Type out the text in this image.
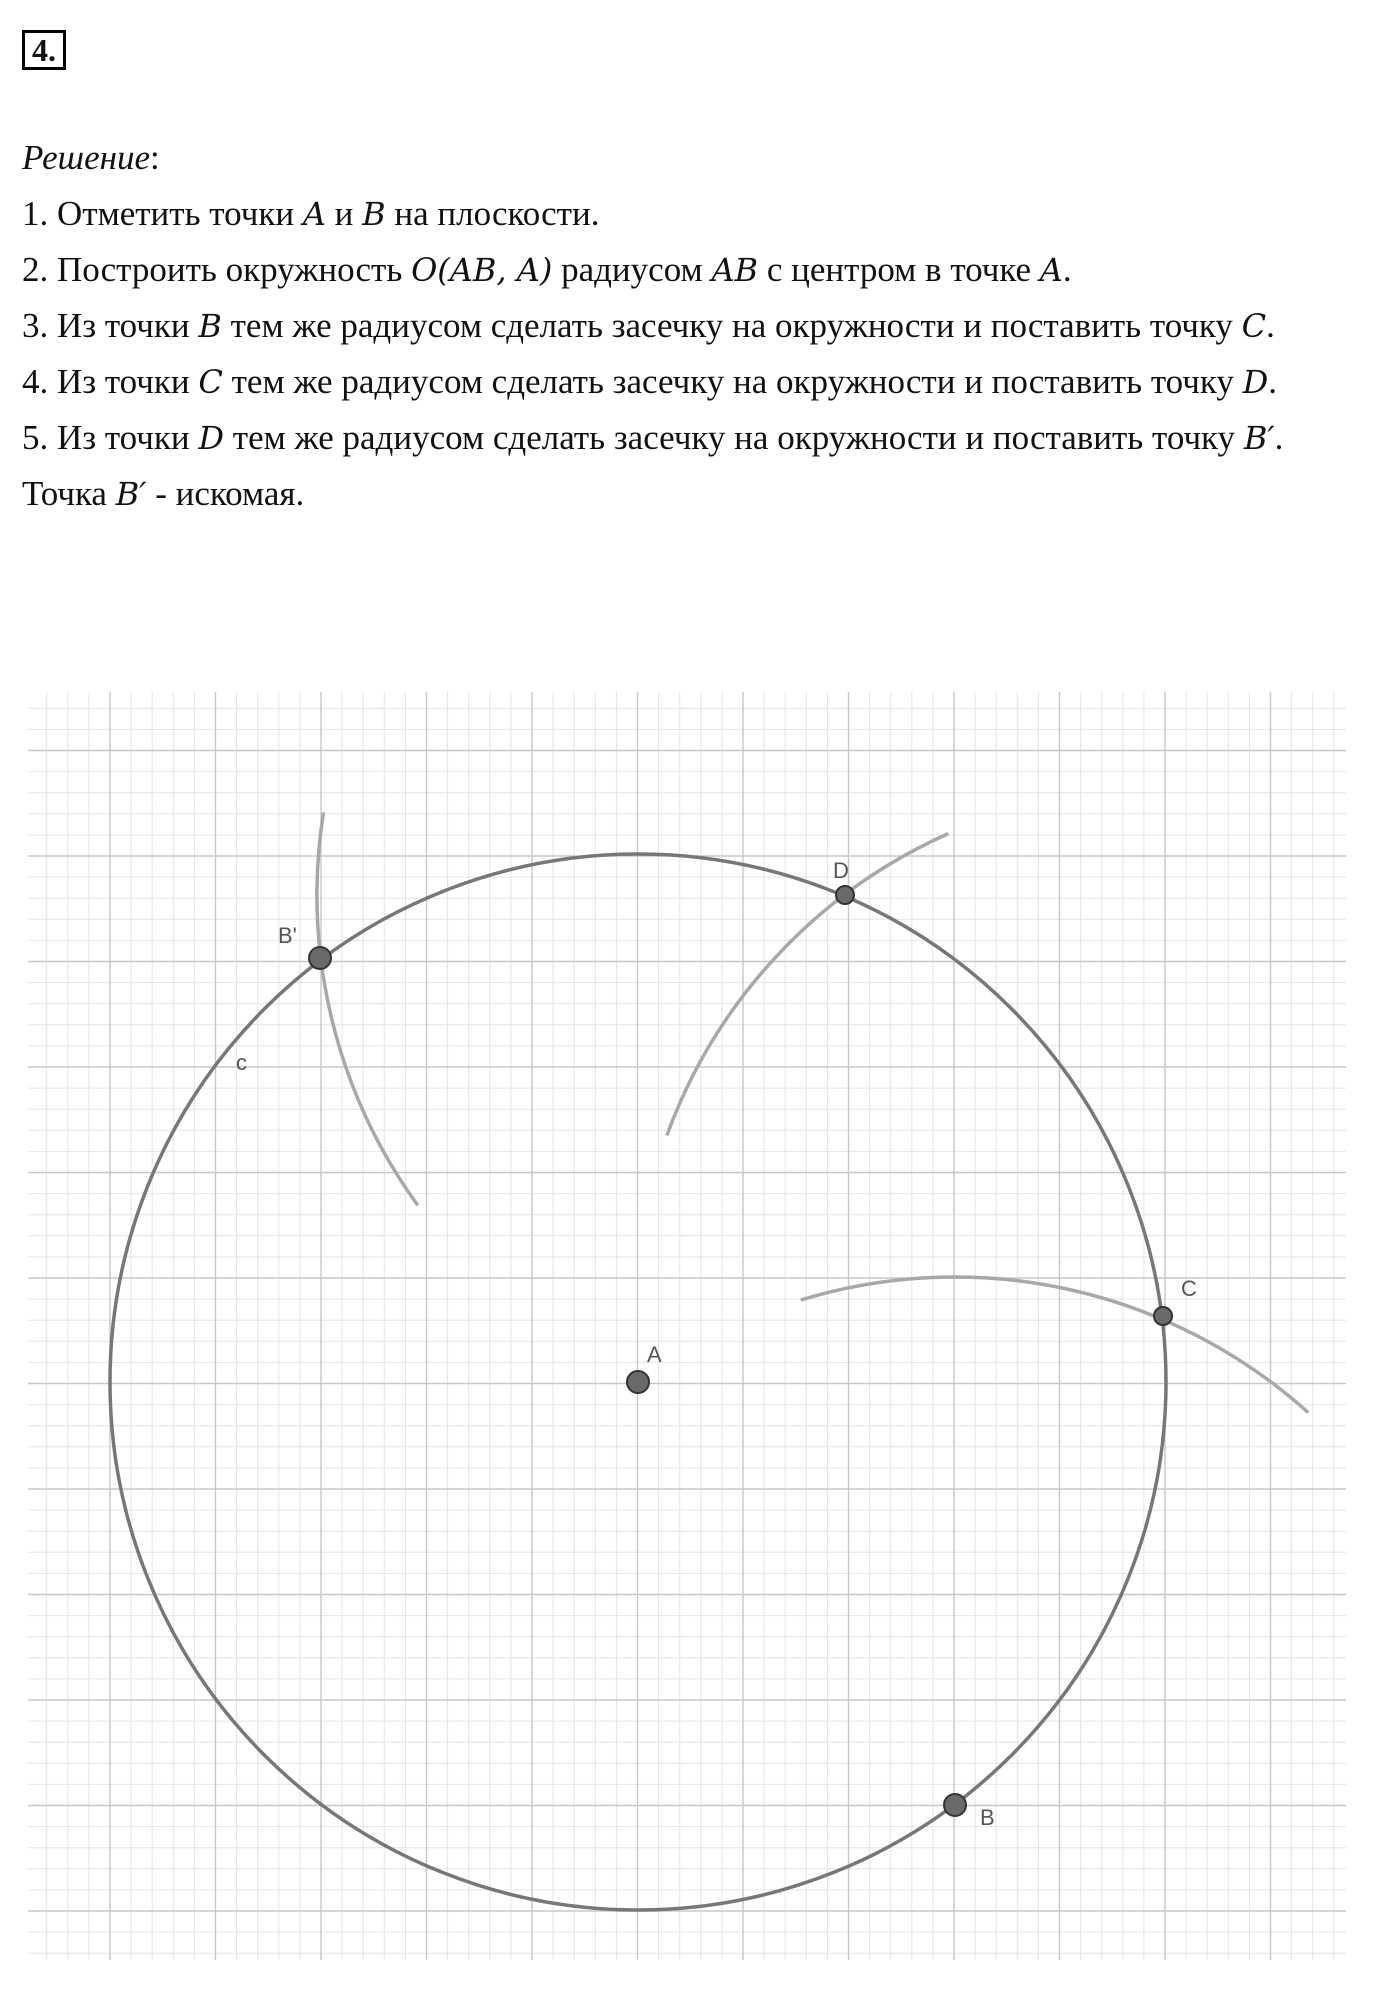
4.

Решение:

1. Отметить точки A и B на плоскости.

2. Построить окружность O(AB, A) радиусом AB с центром в точке A.

3. Из точки B тем же радиусом сделать засечку на окружности и поставить точку C.

4. Из точки C тем же радиусом сделать засечку на окружности и поставить точку D.

5. Из точки D тем же радиусом сделать засечку на окружности и поставить точку B′.

Точка B′ - искомая.

A
B
C
D
B'
c
